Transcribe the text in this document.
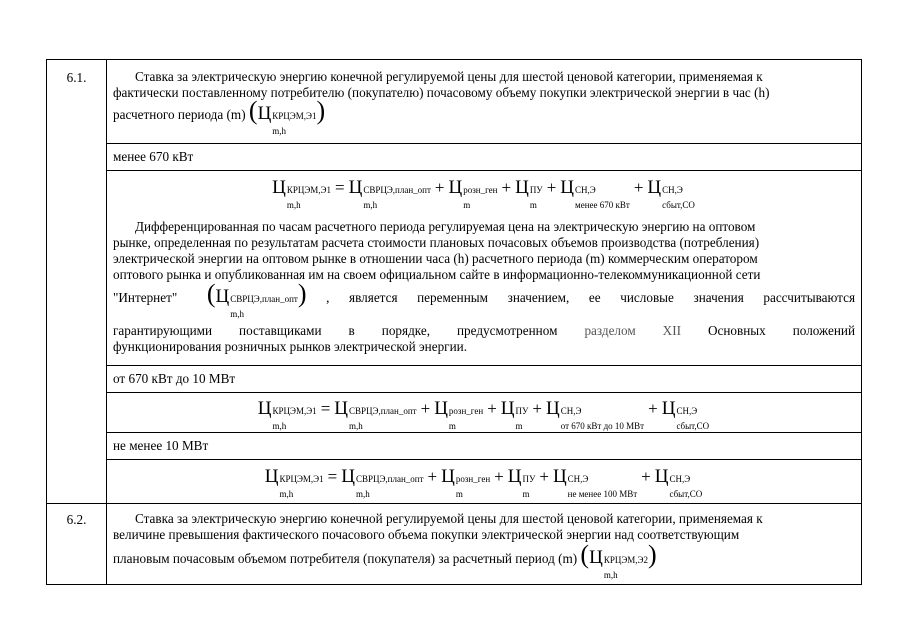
6.1.	Ставка за электрическую энергию конечной регулируемой цены для шестой ценовой категории, применяемая к
фактически поставленному потребителю (покупателю) почасовому объему покупки электрической энергии в час (h)
расчетного периода (m) ( Ц КРЦЭМ,Э1
m,h
)
менее 670 кВт
Ц КРЦЭМ,Э1
m,h
= Ц СВРЦЭ,план_опт
m,h
+ Ц розн_ген
m
+ Ц ПУ
m
+ Ц СН,Э
менее 670 кВт
+ Ц СН,Э
сбыт,СО
Дифференцированная по часам расчетного периода регулируемая цена на электрическую энергию на оптовом
рынке, определенная по результатам расчета стоимости плановых почасовых объемов производства (потребления)
электрической энергии на оптовом рынке в отношении часа (h) расчетного периода (m) коммерческим оператором
оптового рынка и опубликованная им на своем официальном сайте в информационно-телекоммуникационной сети
"Интернет" ( Ц СВРЦЭ,план_опт
m,h
) , является переменным значением, ее числовые значения рассчитываются
гарантирующими поставщиками в порядке, предусмотренном разделом XII Основных положений
функционирования розничных рынков электрической энергии.
от 670 кВт до 10 МВт
Ц КРЦЭМ,Э1
m,h
= Ц СВРЦЭ,план_опт
m,h
+ Ц розн_ген
m
+ Ц ПУ
m
+ Ц СН,Э
от 670 кВт до 10 МВт
+ Ц СН,Э
сбыт,СО
не менее 10 МВт
Ц КРЦЭМ,Э1
m,h
= Ц СВРЦЭ,план_опт
m,h
+ Ц розн_ген
m
+ Ц ПУ
m
+ Ц СН,Э
не менее 100 МВт
+ Ц СН,Э
сбыт,СО
6.2.	Ставка за электрическую энергию конечной регулируемой цены для шестой ценовой категории, применяемая к
величине превышения фактического почасового объема покупки электрической энергии над соответствующим
плановым почасовым объемом потребителя (покупателя) за расчетный период (m) ( Ц КРЦЭМ,Э2
m,h
)
